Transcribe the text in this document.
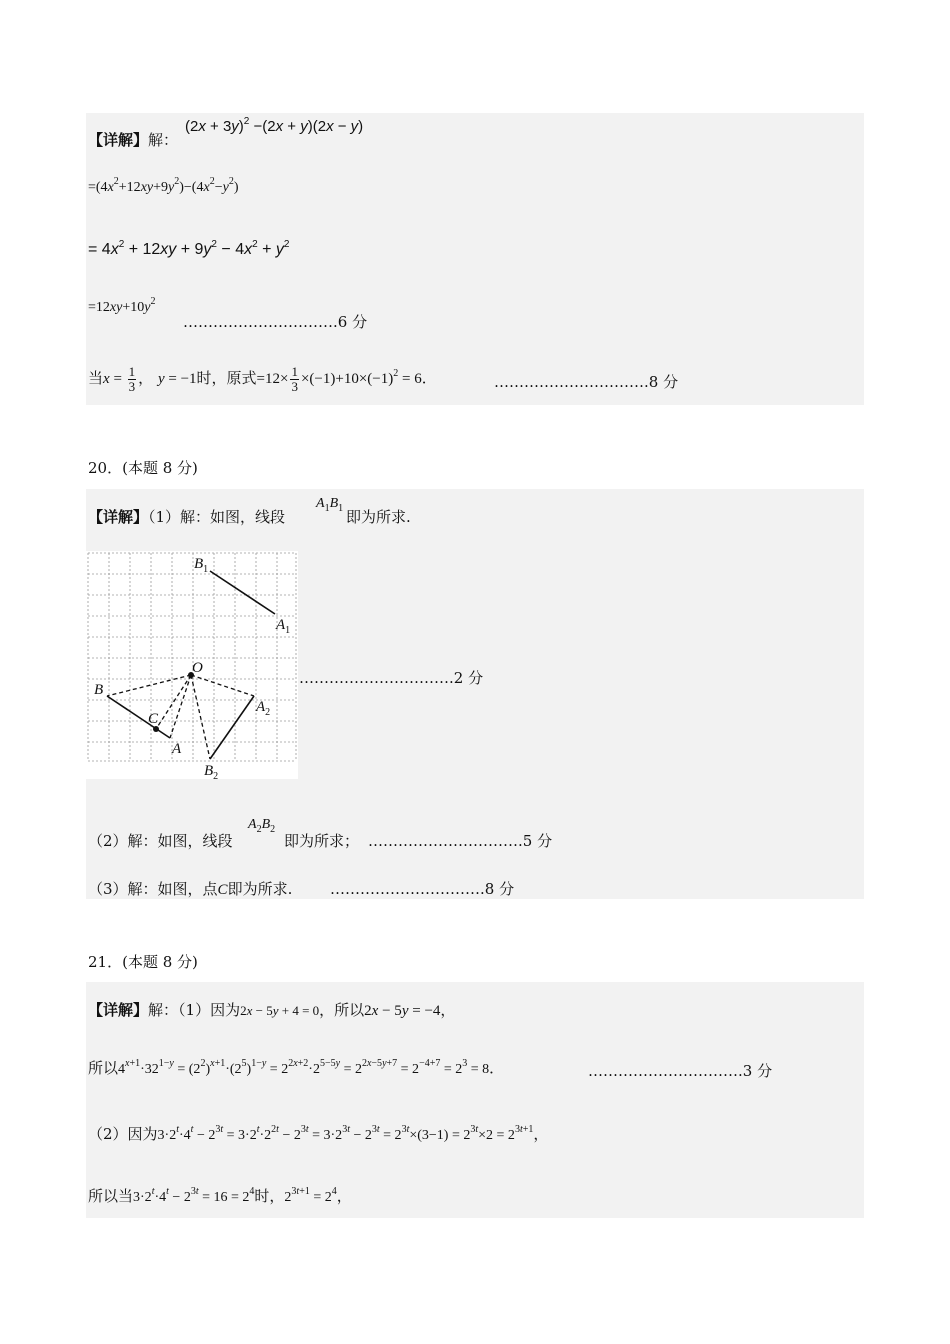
【详解】解：
$(2x + 3y)^2 -(2x + y)(2x - y)$
$=(4x^2+12xy+9y^2)-(4x^2-y^2)$
= $4x^2 + 12xy + 9y^2 - 4x^2 + y^2$
$=12xy+10y^2$
………………………….6 分
当$x = \frac{1}{3}$ ， y = −1时，原式$=12\times \frac{1}{3} \times(-1)+10\times(-1)^2 = 6$．	………………………….8 分
20．(本题 8 分)
【详解】（1）解：如图，线段
$A_1B_1$ 即为所求.
$B_1$
$A_1$
O
B
$A_2$
C
A
$B_2$
………………………….2 分
（2）解：如图，线段
$A_2B_2$
即为所求； ………………………….5 分
（3）解：如图，点C即为所求.	………………………….8 分
21．(本题 8 分)
【详解】解：（1）因为2x − 5y + 4 = 0，所以2x − 5y = −4，
所以$4^{x+1}\cdot 32^{1-y} = (2^2)^{x+1}\cdot(2^5)^{1-y} = 2^{2x+2}\cdot 2^{5-5y} = 2^{2x-5y+7} = 2^{-4+7} = 2^3 = 8$．	………………………….3 分
（2）因为$3\cdot 2^t\cdot 4^t - 2^{3t} = 3\cdot 2^t\cdot 2^{2t} - 2^{3t} = 3\cdot 2^{3t} - 2^{3t} = 2^{3t}\times(3-1) = 2^{3t}\times 2 = 2^{3t+1}$，
所以当$3\cdot 2^t\cdot 4^t - 2^{3t} = 16 = 2^4$时，$2^{3t+1} = 2^4$，
